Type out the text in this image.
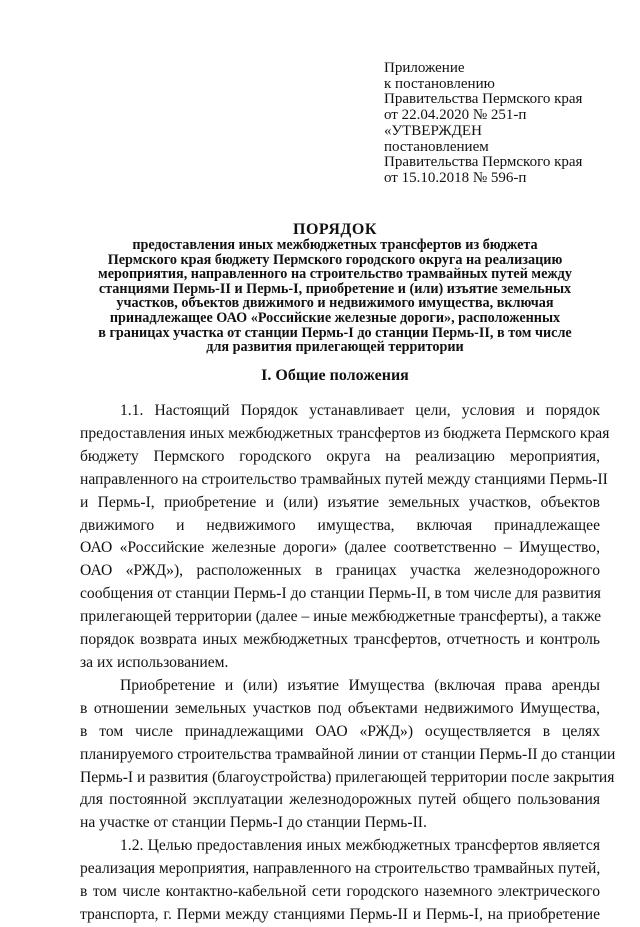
Приложение
к постановлению
Правительства Пермского края
от 22.04.2020 № 251-п
«УТВЕРЖДЕН
постановлением
Правительства Пермского края
от 15.10.2018 № 596-п
ПОРЯДОК
предоставления иных межбюджетных трансфертов из бюджета
Пермского края бюджету Пермского городского округа на реализацию
мероприятия, направленного на строительство трамвайных путей между
станциями Пермь-II и Пермь-I, приобретение и (или) изъятие земельных
участков, объектов движимого и недвижимого имущества, включая
принадлежащее ОАО «Российские железные дороги», расположенных
в границах участка от станции Пермь-I до станции Пермь-II, в том числе
для развития прилегающей территории
I. Общие положения
1.1. Настоящий Порядок устанавливает цели, условия и порядок
предоставления иных межбюджетных трансфертов из бюджета Пермского края
бюджету Пермского городского округа на реализацию мероприятия,
направленного на строительство трамвайных путей между станциями Пермь-II
и Пермь-I, приобретение и (или) изъятие земельных участков, объектов
движимого и недвижимого имущества, включая принадлежащее
ОАО «Российские железные дороги» (далее соответственно – Имущество,
ОАО «РЖД»), расположенных в границах участка железнодорожного
сообщения от станции Пермь-I до станции Пермь-II, в том числе для развития
прилегающей территории (далее – иные межбюджетные трансферты), а также
порядок возврата иных межбюджетных трансфертов, отчетность и контроль
за их использованием.
Приобретение и (или) изъятие Имущества (включая права аренды
в отношении земельных участков под объектами недвижимого Имущества,
в том числе принадлежащими ОАО «РЖД») осуществляется в целях
планируемого строительства трамвайной линии от станции Пермь-II до станции
Пермь-I и развития (благоустройства) прилегающей территории после закрытия
для постоянной эксплуатации железнодорожных путей общего пользования
на участке от станции Пермь-I до станции Пермь-II.
1.2. Целью предоставления иных межбюджетных трансфертов является
реализация мероприятия, направленного на строительство трамвайных путей,
в том числе контактно-кабельной сети городского наземного электрического
транспорта, г. Перми между станциями Пермь-II и Пермь-I, на приобретение
